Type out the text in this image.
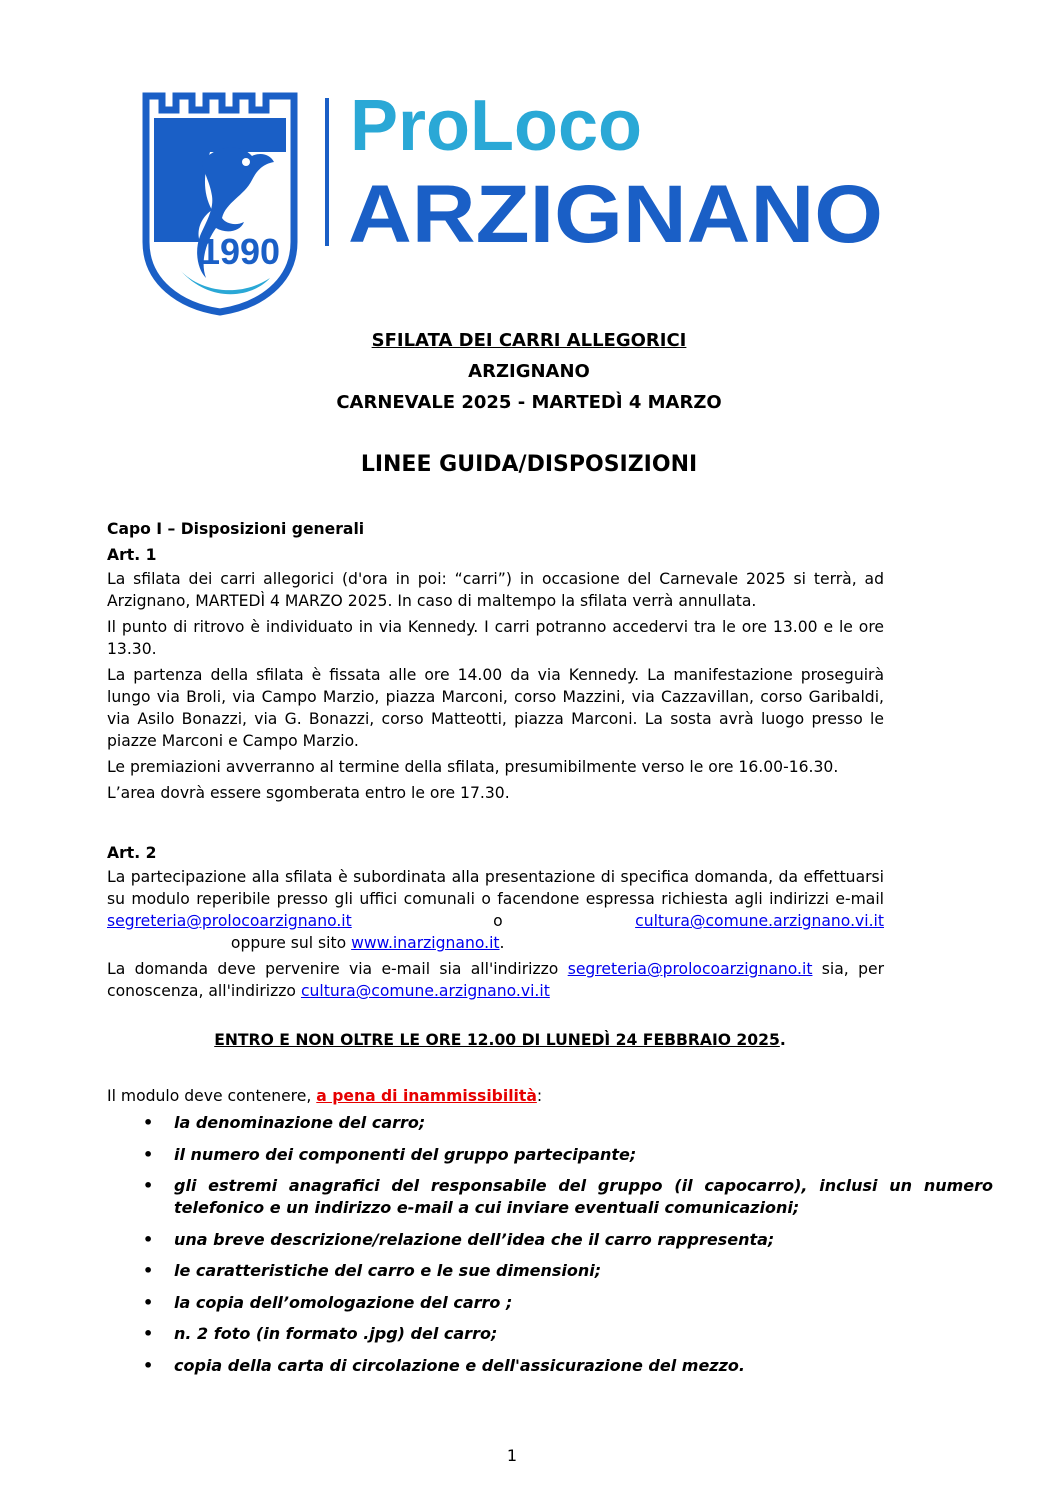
1990
ProLoco
ARZIGNANO
SFILATA DEI CARRI ALLEGORICI
ARZIGNANO
CARNEVALE 2025 - MARTEDÌ 4 MARZO
LINEE GUIDA/DISPOSIZIONI

Capo I – Disposizioni generali

Art. 1

La sfilata dei carri allegorici (d'ora in poi: “carri”) in occasione del Carnevale 2025 si terrà, ad Arzignano, MARTEDÌ 4 MARZO 2025. In caso di maltempo la sfilata verrà annullata.

Il punto di ritrovo è individuato in via Kennedy. I carri potranno accedervi tra le ore 13.00 e le ore 13.30.

La partenza della sfilata è fissata alle ore 14.00 da via Kennedy. La manifestazione proseguirà lungo via Broli, via Campo Marzio, piazza Marconi, corso Mazzini, via Cazzavillan, corso Garibaldi, via Asilo Bonazzi, via G. Bonazzi, corso Matteotti, piazza Marconi. La sosta avrà luogo presso le piazze Marconi e Campo Marzio.

Le premiazioni avverranno al termine della sfilata, presumibilmente verso le ore 16.00-16.30.

L’area dovrà essere sgomberata entro le ore 17.30.

Art. 2

La partecipazione alla sfilata è subordinata alla presentazione di specifica domanda, da effettuarsi su modulo reperibile presso gli uffici comunali o facendone espressa richiesta agli indirizzi e-mail segreteria@prolocoarzignano.it	o	cultura@comune.arzignano.vi.it                          oppure sul sito www.inarzignano.it.

La domanda deve pervenire via e-mail sia all'indirizzo segreteria@prolocoarzignano.it sia, per conoscenza, all'indirizzo cultura@comune.arzignano.vi.it

ENTRO E NON OLTRE LE ORE 12.00 DI LUNEDÌ 24 FEBBRAIO 2025.
Il modulo deve contenere, a pena di inammissibilità:
• la denominazione del carro;
• il numero dei componenti del gruppo partecipante;
• gli estremi anagrafici del responsabile del gruppo (il capocarro), inclusi un numero telefonico e un indirizzo e-mail a cui inviare eventuali comunicazioni;
• una breve descrizione/relazione dell’idea che il carro rappresenta;
• le caratteristiche del carro e le sue dimensioni;
• la copia dell’omologazione del carro ;
• n. 2 foto (in formato .jpg) del carro;
• copia della carta di circolazione e dell'assicurazione del mezzo.
1
